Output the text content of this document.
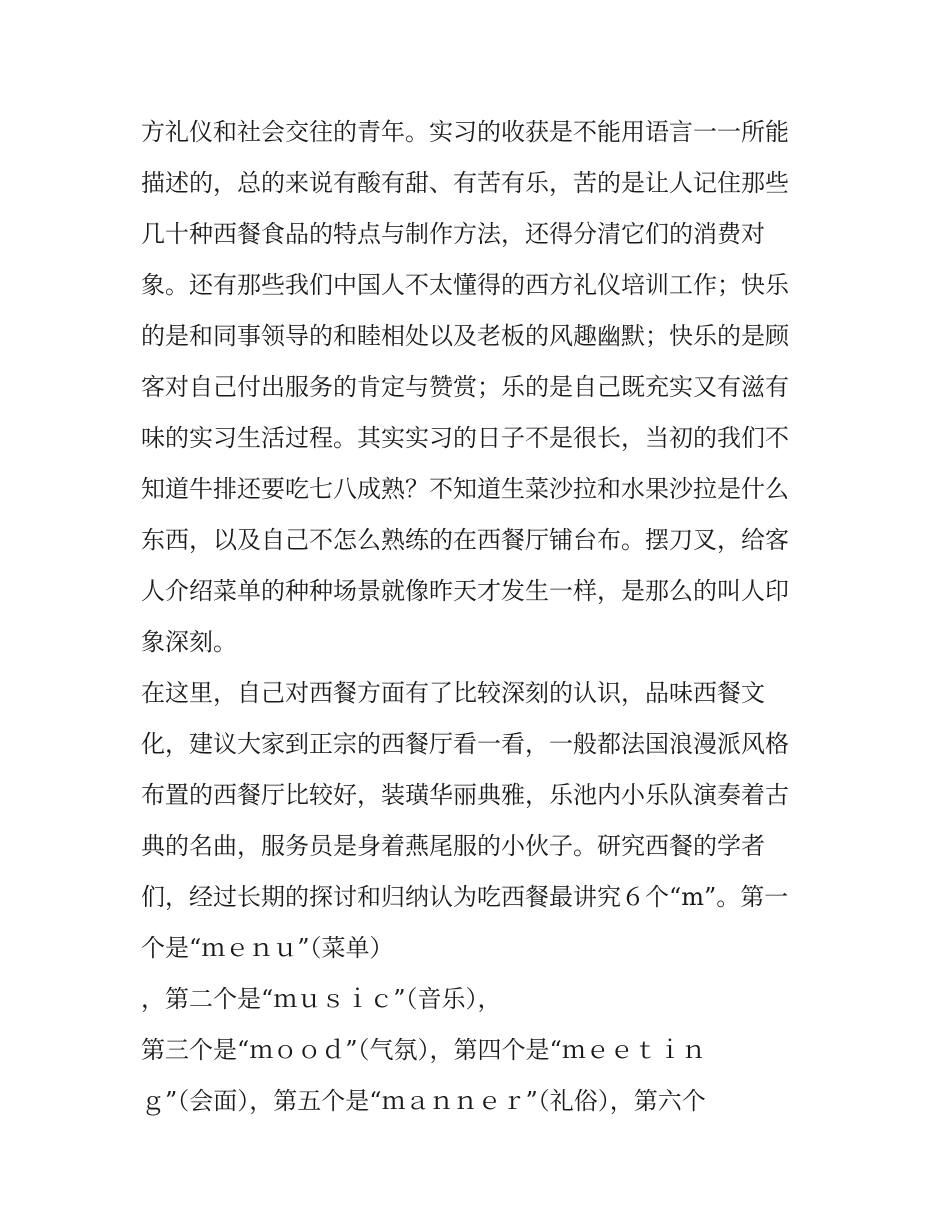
方礼仪和社会交往的青年。实习的收获是不能用语言一一所能
描述的，总的来说有酸有甜、有苦有乐，苦的是让人记住那些
几十种西餐食品的特点与制作方法，还得分清它们的消费对
象。还有那些我们中国人不太懂得的西方礼仪培训工作；快乐
的是和同事领导的和睦相处以及老板的风趣幽默；快乐的是顾
客对自己付出服务的肯定与赞赏；乐的是自己既充实又有滋有
味的实习生活过程。其实实习的日子不是很长，当初的我们不
知道牛排还要吃七八成熟？不知道生菜沙拉和水果沙拉是什么
东西，以及自己不怎么熟练的在西餐厅铺台布。摆刀叉，给客
人介绍菜单的种种场景就像昨天才发生一样，是那么的叫人印
象深刻。
在这里，自己对西餐方面有了比较深刻的认识，品味西餐文
化，建议大家到正宗的西餐厅看一看，一般都法国浪漫派风格
布置的西餐厅比较好，装璜华丽典雅，乐池内小乐队演奏着古
典的名曲，服务员是身着燕尾服的小伙子。研究西餐的学者
们，经过长期的探讨和归纳认为吃西餐最讲究６个“m”。第一
个是“ｍｅｎｕ”（菜单）
，第二个是“ｍｕｓｉｃ”（音乐），
第三个是“ｍｏｏｄ”（气氛），第四个是“ｍｅｅｔｉｎ
ｇ”（会面），第五个是“ｍａｎｎｅｒ”（礼俗），第六个
